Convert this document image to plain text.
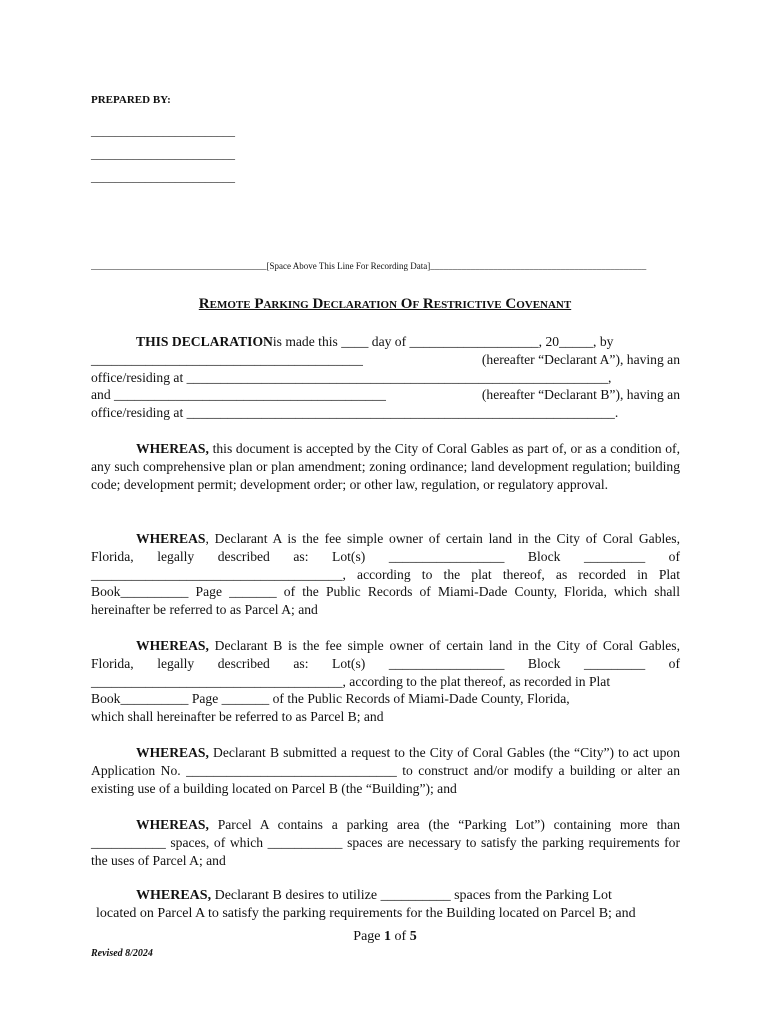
PREPARED BY:
________________________
________________________
________________________
_______________________________________[Space Above This Line For Recording Data]________________________________________________
Remote Parking Declaration Of Restrictive Covenant
THIS DECLARATION is made this ____ day of ___________________, 20_____, by
________________________________________	(hereafter “Declarant A”), having an
office/residing at ______________________________________________________________,
and ________________________________________	(hereafter “Declarant B”), having an
office/residing at _______________________________________________________________.

WHEREAS, this document is accepted by the City of Coral Gables as part of, or as a condition of, any such comprehensive plan or plan amendment; zoning ordinance; land development regulation; building code; development permit; development order; or other law, regulation, or regulatory approval.

WHEREAS, Declarant A is the fee simple owner of certain land in the City of Coral Gables, Florida, legally described as: Lot(s) _________________ Block _________ of _____________________________________, according to the plat thereof, as recorded in Plat Book__________ Page _______ of the Public Records of Miami-Dade County, Florida, which shall hereinafter be referred to as Parcel A; and

WHEREAS, Declarant B is the fee simple owner of certain land in the City of Coral Gables, Florida, legally described as: Lot(s) _________________ Block _________ of _____________________________________, according to the plat thereof, as recorded in Plat

Book__________ Page _______ of the Public Records of Miami-Dade County, Florida,
which shall hereinafter be referred to as Parcel B; and

WHEREAS, Declarant B submitted a request to the City of Coral Gables (the “City”) to act upon Application No. _______________________________ to construct and/or modify a building or alter an existing use of a building located on Parcel B (the “Building”); and

WHEREAS, Parcel A contains a parking area (the “Parking Lot”) containing more than ___________ spaces, of which ___________ spaces are necessary to satisfy the parking requirements for the uses of Parcel A; and

WHEREAS, Declarant B desires to utilize __________ spaces from the Parking Lot

located on Parcel A to satisfy the parking requirements for the Building located on Parcel B; and
Page 1 of 5
Revised 8/2024
